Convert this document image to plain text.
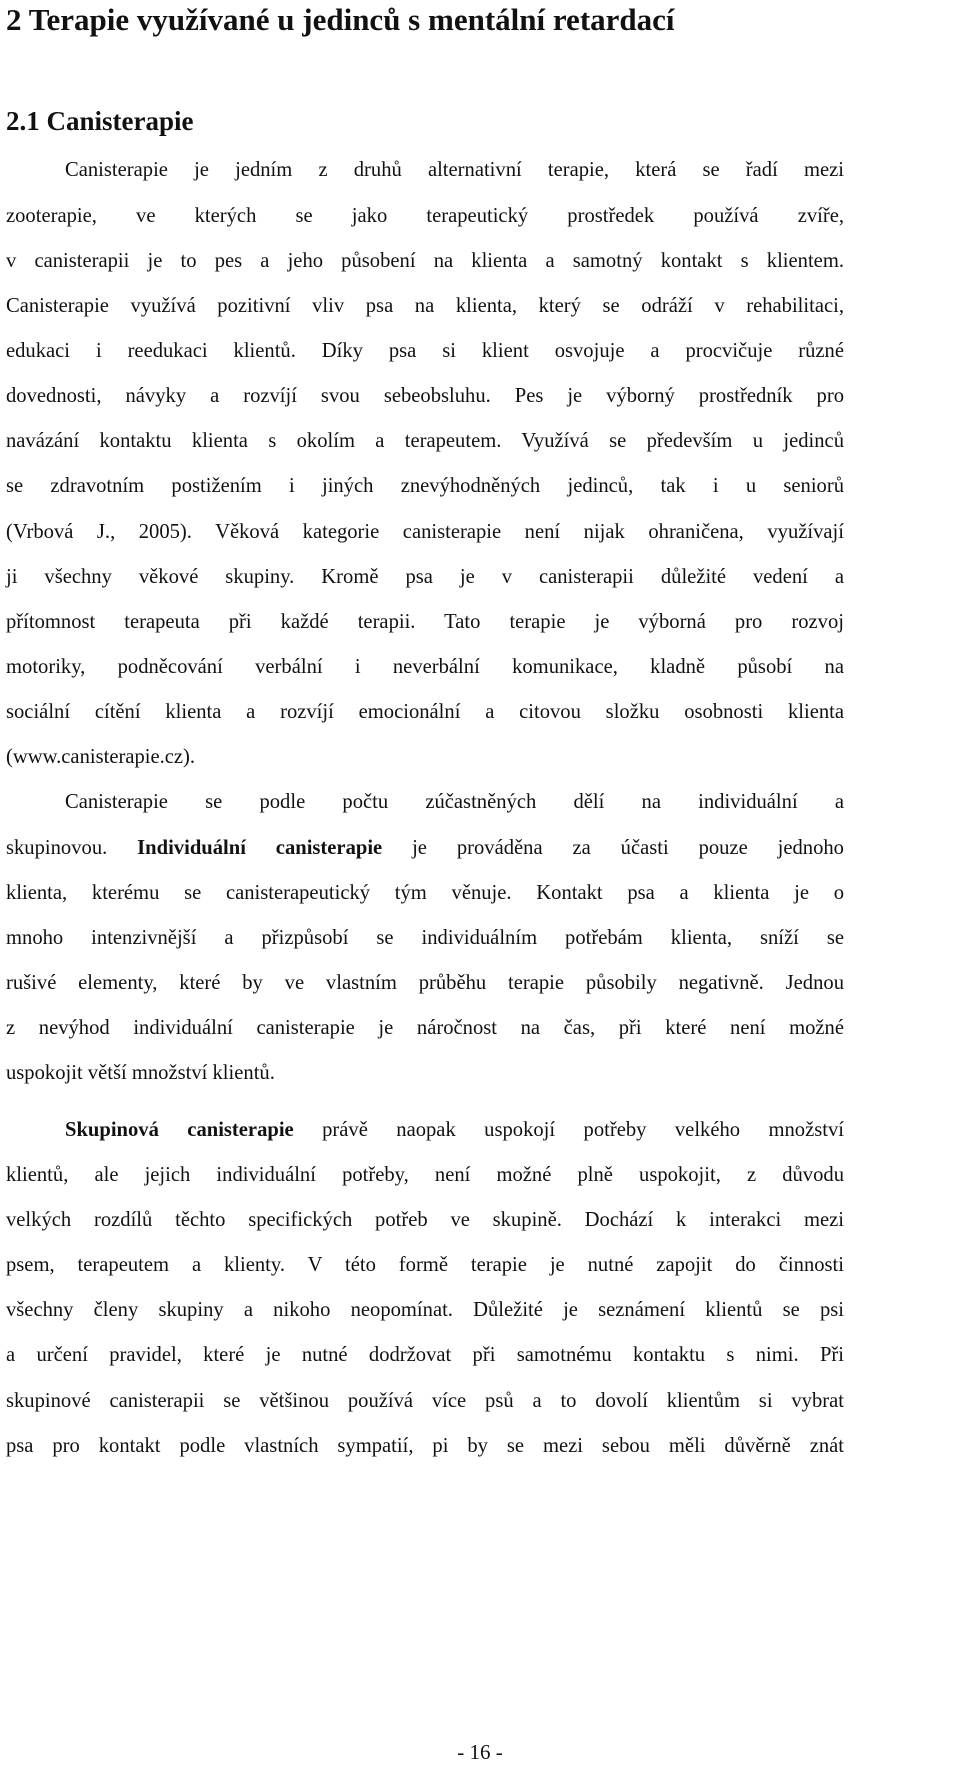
2 Terapie využívané u jedinců s mentální retardací
2.1 Canisterapie
Canisterapie je jedním z druhů alternativní terapie, která se řadí mezi
zooterapie, ve kterých se jako terapeutický prostředek používá zvíře,
v canisterapii je to pes a jeho působení na klienta a samotný kontakt s klientem.
Canisterapie využívá pozitivní vliv psa na klienta, který se odráží v rehabilitaci,
edukaci i reedukaci klientů. Díky psa si klient osvojuje a procvičuje různé
dovednosti, návyky a rozvíjí svou sebeobsluhu. Pes je výborný prostředník pro
navázání kontaktu klienta s okolím a terapeutem. Využívá se především u jedinců
se zdravotním postižením i jiných znevýhodněných jedinců, tak i u seniorů
(Vrbová J., 2005). Věková kategorie canisterapie není nijak ohraničena, využívají
ji všechny věkové skupiny. Kromě psa je v canisterapii důležité vedení a
přítomnost terapeuta při každé terapii. Tato terapie je výborná pro rozvoj
motoriky, podněcování verbální i neverbální komunikace, kladně působí na
sociální cítění klienta a rozvíjí emocionální a citovou složku osobnosti klienta
(www.canisterapie.cz).
Canisterapie se podle počtu zúčastněných dělí na individuální a
skupinovou. Individuální canisterapie je prováděna za účasti pouze jednoho
klienta, kterému se canisterapeutický tým věnuje. Kontakt psa a klienta je o
mnoho intenzivnější a přizpůsobí se individuálním potřebám klienta, sníží se
rušivé elementy, které by ve vlastním průběhu terapie působily negativně. Jednou
z nevýhod individuální canisterapie je náročnost na čas, při které není možné
uspokojit větší množství klientů.
Skupinová canisterapie právě naopak uspokojí potřeby velkého množství
klientů, ale jejich individuální potřeby, není možné plně uspokojit, z důvodu
velkých rozdílů těchto specifických potřeb ve skupině. Dochází k interakci mezi
psem, terapeutem a klienty. V této formě terapie je nutné zapojit do činnosti
všechny členy skupiny a nikoho neopomínat. Důležité je seznámení klientů se psi
a určení pravidel, které je nutné dodržovat při samotnému kontaktu s nimi. Při
skupinové canisterapii se většinou používá více psů a to dovolí klientům si vybrat
psa pro kontakt podle vlastních sympatií, pi by se mezi sebou měli důvěrně znát
- 16 -
